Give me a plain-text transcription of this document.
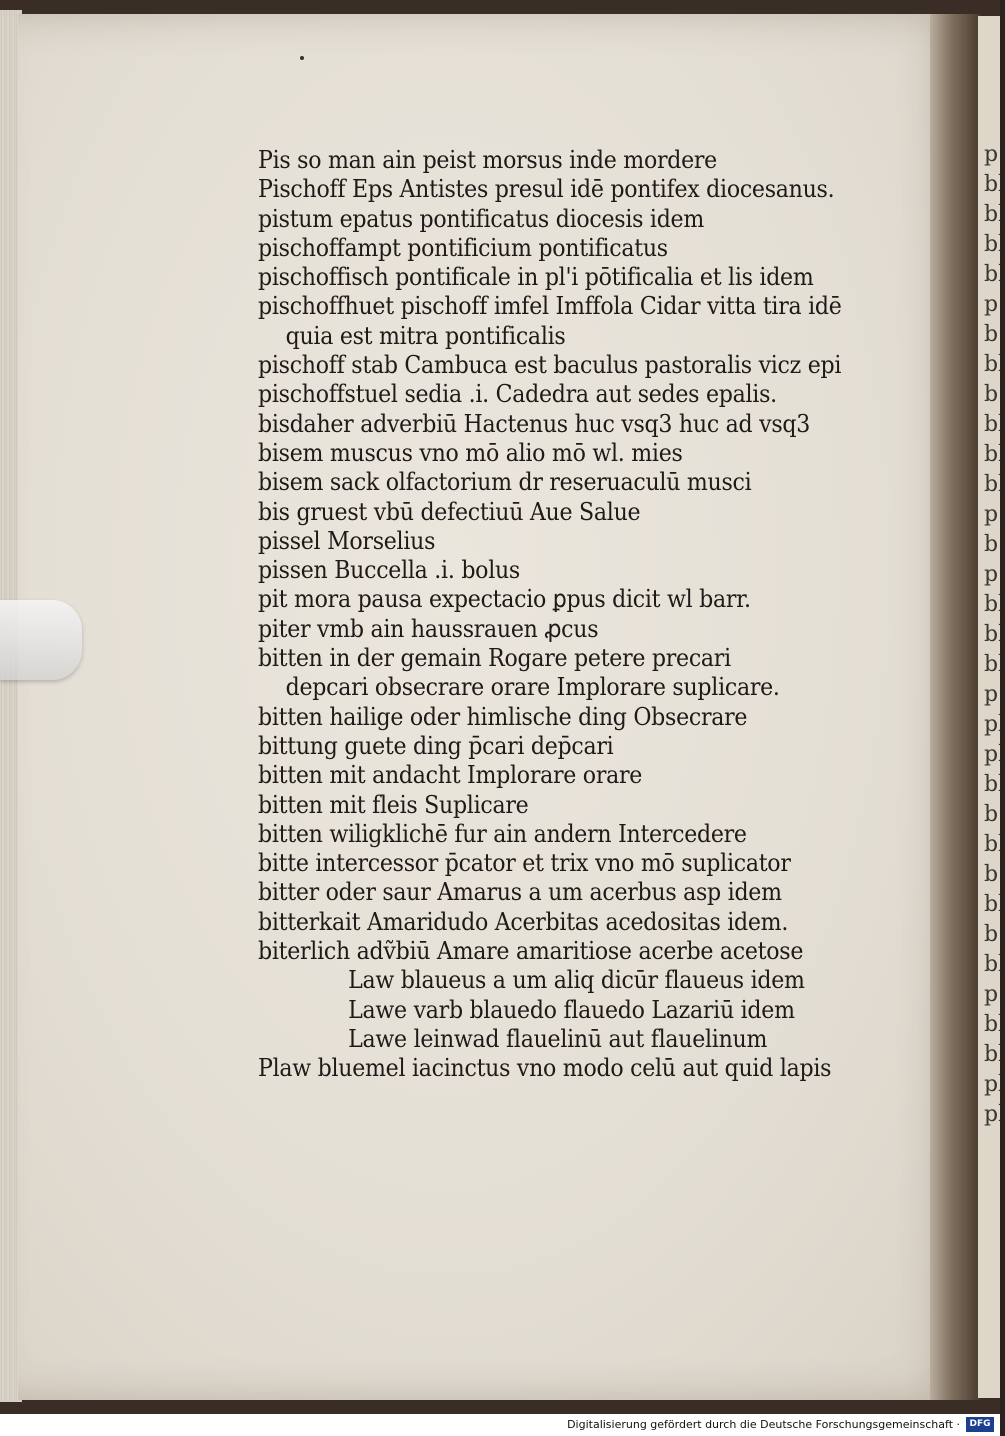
p
bl
bl
bl
bl
p
b
bl
b
bl
bl
bl
p
b
p
bl
bl
bl
p
pl
pl
bl
b
bl
b
bl
b
bl
p
bl
bl
pl
pl
Pis so man ain peist morsus inde mordere
Pischoff Eps Antistes presul idē pontifex diocesanus.
pistum epatus pontificatus diocesis idem
pischoffampt pontificium pontificatus
pischoffisch pontificale in pl'i pōtificalia et lis idem
pischoffhuet pischoff imfel Imffola Cidar vitta tira idē
quia est mitra pontificalis
pischoff stab Cambuca est baculus pastoralis vicz epi
pischoffstuel sedia .i. Cadedra aut sedes epalis.
bisdaher adverbiū Hactenus huc vsq3 huc ad vsq3
bisem muscus vno mō alio mō wl. mies
bisem sack olfactorium dr reseruaculū musci
bis gruest vbū defectiuū Aue Salue
pissel Morselius
pissen Buccella .i. bolus
pit mora pausa expectacio ꝑpus dicit wl barr.
piter vmb ain haussrauen ꝓcus
bitten in der gemain Rogare petere precari
depcari obsecrare orare Implorare suplicare.
bitten hailige oder himlische ding Obsecrare
bittung guete ding p̄cari dep̄cari
bitten mit andacht Implorare orare
bitten mit fleis Suplicare
bitten wiligklichē fur ain andern Intercedere
bitte intercessor p̄cator et trix vno mō suplicator
bitter oder saur Amarus a um acerbus asp idem
bitterkait Amaridudo Acerbitas acedositas idem.
biterlich adṽbiū Amare amaritiose acerbe acetose
Law blaueus a um aliq dicūr flaueus idem
Lawe varb blauedo flauedo Lazariū idem
Lawe leinwad flauelinū aut flauelinum
Plaw bluemel iacinctus vno modo celū aut quid lapis
Digitalisierung gefördert durch die Deutsche Forschungsgemeinschaft ·	DFG
